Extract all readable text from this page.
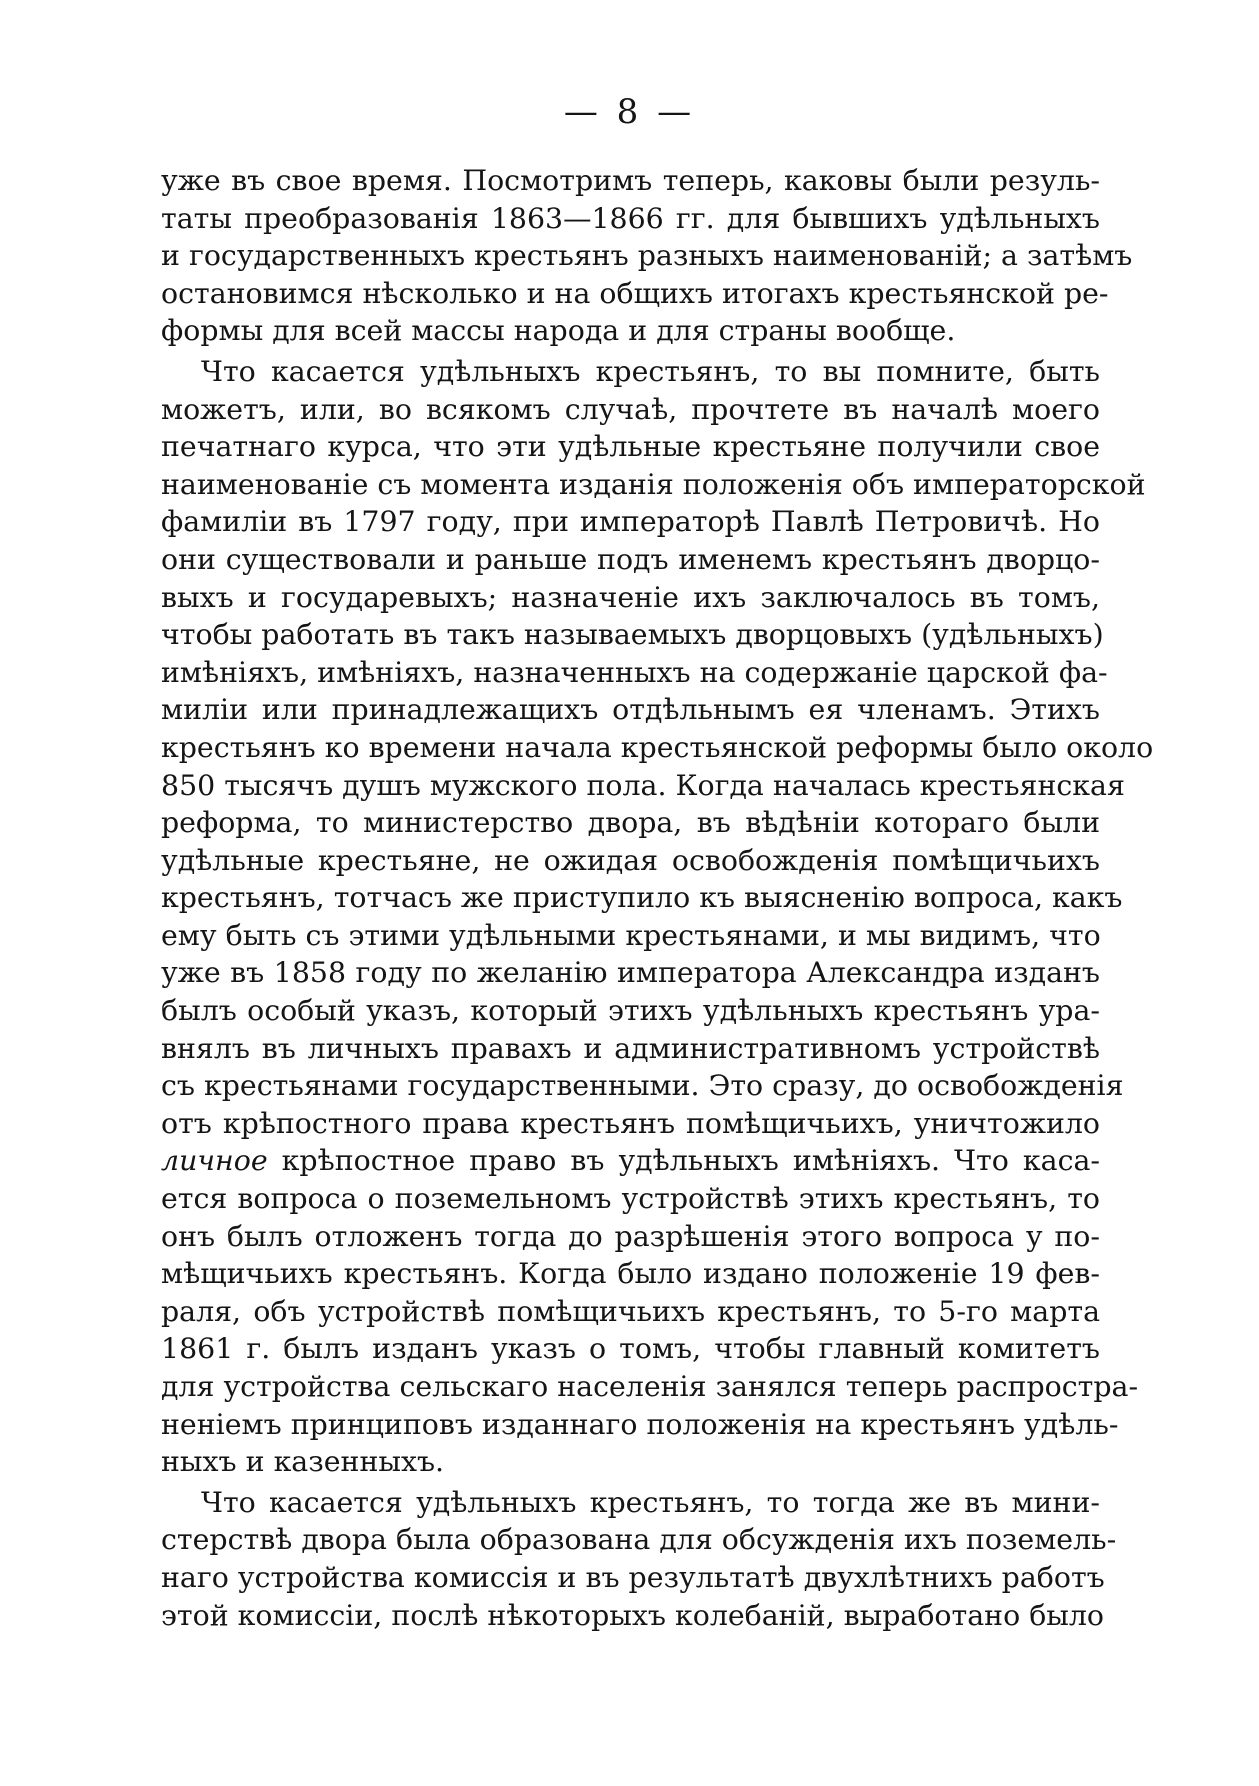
— 8 —
уже въ свое время. Посмотримъ теперь, каковы были резуль-
таты преобразованія 1863—1866 гг. для бывшихъ удѣльныхъ
и государственныхъ крестьянъ разныхъ наименованій; а затѣмъ
остановимся нѣсколько и на общихъ итогахъ крестьянской ре-
формы для всей массы народа и для страны вообще.
Что касается удѣльныхъ крестьянъ, то вы помните, быть
можетъ, или, во всякомъ случаѣ, прочтете въ началѣ моего
печатнаго курса, что эти удѣльные крестьяне получили свое
наименованіе съ момента изданія положенія объ императорской
фамиліи въ 1797 году, при императорѣ Павлѣ Петровичѣ. Но
они существовали и раньше подъ именемъ крестьянъ дворцо-
выхъ и государевыхъ; назначеніе ихъ заключалось въ томъ,
чтобы работать въ такъ называемыхъ дворцовыхъ (удѣльныхъ)
имѣніяхъ, имѣніяхъ, назначенныхъ на содержаніе царской фа-
миліи или принадлежащихъ отдѣльнымъ ея членамъ. Этихъ
крестьянъ ко времени начала крестьянской реформы было около
850 тысячъ душъ мужского пола. Когда началась крестьянская
реформа, то министерство двора, въ вѣдѣніи котораго были
удѣльные крестьяне, не ожидая освобожденія помѣщичьихъ
крестьянъ, тотчасъ же приступило къ выясненію вопроса, какъ
ему быть съ этими удѣльными крестьянами, и мы видимъ, что
уже въ 1858 году по желанію императора Александра изданъ
былъ особый указъ, который этихъ удѣльныхъ крестьянъ ура-
внялъ въ личныхъ правахъ и административномъ устройствѣ
съ крестьянами государственными. Это сразу, до освобожденія
отъ крѣпостного права крестьянъ помѣщичьихъ, уничтожило
личное крѣпостное право въ удѣльныхъ имѣніяхъ. Что каса-
ется вопроса о поземельномъ устройствѣ этихъ крестьянъ, то
онъ былъ отложенъ тогда до разрѣшенія этого вопроса у по-
мѣщичьихъ крестьянъ. Когда было издано положеніе 19 фев-
раля, объ устройствѣ помѣщичьихъ крестьянъ, то 5-го марта
1861 г. былъ изданъ указъ о томъ, чтобы главный комитетъ
для устройства сельскаго населенія занялся теперь распростра-
неніемъ принциповъ изданнаго положенія на крестьянъ удѣль-
ныхъ и казенныхъ.
Что касается удѣльныхъ крестьянъ, то тогда же въ мини-
стерствѣ двора была образована для обсужденія ихъ поземель-
наго устройства комиссія и въ результатѣ двухлѣтнихъ работъ
этой комиссіи, послѣ нѣкоторыхъ колебаній, выработано было
